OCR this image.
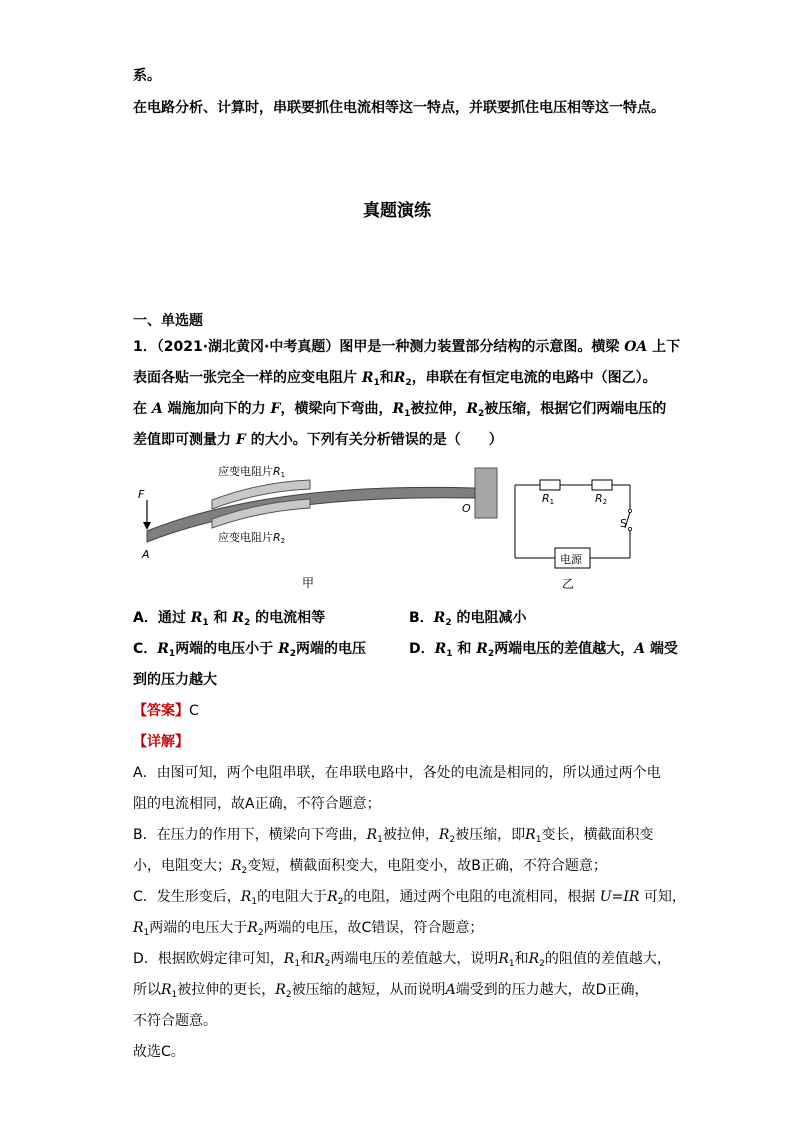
系。
在电路分析、计算时，串联要抓住电流相等这一特点，并联要抓住电压相等这一特点。
真题演练
一、单选题
1．（2021·湖北黄冈·中考真题）图甲是一种测力装置部分结构的示意图。横梁 OA 上下
表面各贴一张完全一样的应变电阻片 $R_1$和$R_2$，串联在有恒定电流的电路中（图乙）。
在 A 端施加向下的力 F，横梁向下弯曲，$R_1$被拉伸，$R_2$被压缩，根据它们两端电压的
差值即可测量力 F 的大小。下列有关分析错误的是（　　）
F
A
O
应变电阻片R1
应变电阻片R2
甲
R1	R2
S
电源
乙
A．通过 $R_1$ 和 $R_2$ 的电流相等	B．$R_2$ 的电阻减小
C．$R_1$两端的电压小于 $R_2$两端的电压	D．$R_1$ 和 $R_2$两端电压的差值越大，A 端受
到的压力越大
【答案】C
【详解】
A．由图可知，两个电阻串联，在串联电路中，各处的电流是相同的，所以通过两个电
阻的电流相同，故A正确，不符合题意；
B．在压力的作用下，横梁向下弯曲，$R_1$被拉伸，$R_2$被压缩，即$R_1$变长，横截面积变
小，电阻变大；$R_2$变短，横截面积变大，电阻变小，故B正确，不符合题意；
C．发生形变后，$R_1$的电阻大于$R_2$的电阻，通过两个电阻的电流相同，根据 U=IR 可知，
$R_1$两端的电压大于$R_2$两端的电压，故C错误，符合题意；
D．根据欧姆定律可知，$R_1$和$R_2$两端电压的差值越大，说明$R_1$和$R_2$的阻值的差值越大，
所以$R_1$被拉伸的更长，$R_2$被压缩的越短，从而说明A端受到的压力越大，故D正确，
不符合题意。
故选C。
